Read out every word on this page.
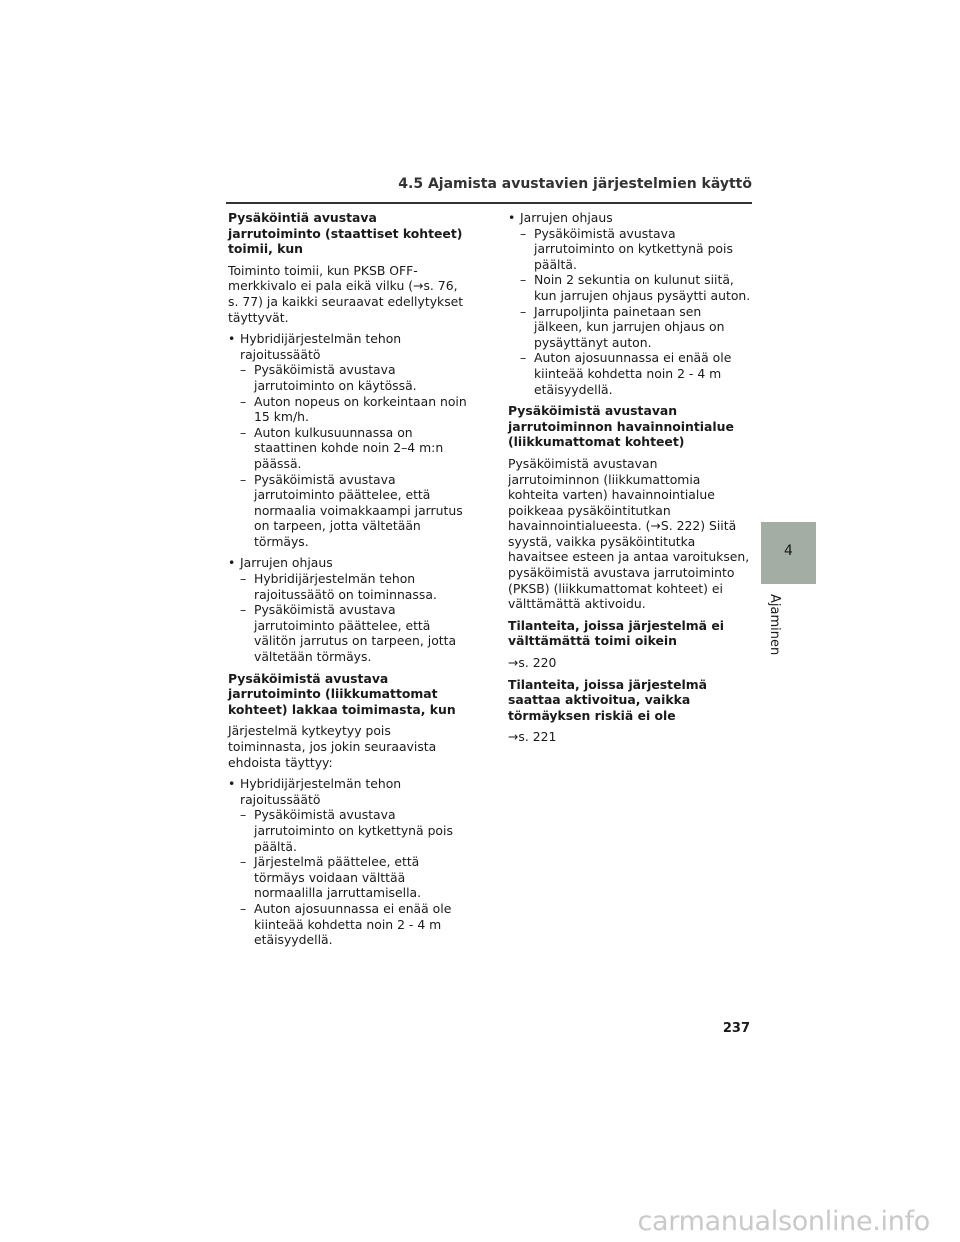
4.5 Ajamista avustavien järjestelmien käyttö
Pysäköintiä avustava jarrutoiminto (staattiset kohteet) toimii, kun
Toiminto toimii, kun PKSB OFF-merkkivalo ei pala eikä vilku (→s. 76, s. 77) ja kaikki seuraavat edellytykset täyttyvät.
• Hybridijärjestelmän tehon
rajoitussäätö
– Pysäköimistä avustava jarrutoiminto on käytössä.
– Auton nopeus on korkeintaan noin 15 km/h.
– Auton kulkusuunnassa on staattinen kohde noin 2–4 m:n päässä.
– Pysäköimistä avustava jarrutoiminto päättelee, että normaalia voimakkaampi jarrutus on tarpeen, jotta vältetään törmäys.
• Jarrujen ohjaus
– Hybridijärjestelmän tehon rajoitussäätö on toiminnassa.
– Pysäköimistä avustava jarrutoiminto päättelee, että välitön jarrutus on tarpeen, jotta vältetään törmäys.
Pysäköimistä avustava jarrutoiminto (liikkumattomat kohteet) lakkaa toimimasta, kun
Järjestelmä kytkeytyy pois toiminnasta, jos jokin seuraavista ehdoista täyttyy:
• Hybridijärjestelmän tehon
rajoitussäätö
– Pysäköimistä avustava jarrutoiminto on kytkettynä pois päältä.
– Järjestelmä päättelee, että törmäys voidaan välttää normaalilla jarruttamisella.
– Auton ajosuunnassa ei enää ole kiinteää kohdetta noin 2 - 4 m etäisyydellä.
• Jarrujen ohjaus
– Pysäköimistä avustava jarrutoiminto on kytkettynä pois päältä.
– Noin 2 sekuntia on kulunut siitä, kun jarrujen ohjaus pysäytti auton.
– Jarrupoljinta painetaan sen jälkeen, kun jarrujen ohjaus on pysäyttänyt auton.
– Auton ajosuunnassa ei enää ole kiinteää kohdetta noin 2 - 4 m etäisyydellä.
Pysäköimistä avustavan jarrutoiminnon havainnointialue (liikkumattomat kohteet)
Pysäköimistä avustavan jarrutoiminnon (liikkumattomia kohteita varten) havainnointialue poikkeaa pysäköintitutkan havainnointialueesta. (→S. 222) Siitä syystä, vaikka pysäköintitutka havaitsee esteen ja antaa varoituksen, pysäköimistä avustava jarrutoiminto (PKSB) (liikkumattomat kohteet) ei välttämättä aktivoidu.
Tilanteita, joissa järjestelmä ei välttämättä toimi oikein
→s. 220
Tilanteita, joissa järjestelmä saattaa aktivoitua, vaikka törmäyksen riskiä ei ole
→s. 221
4
Ajaminen
237
carmanualsonline.info
